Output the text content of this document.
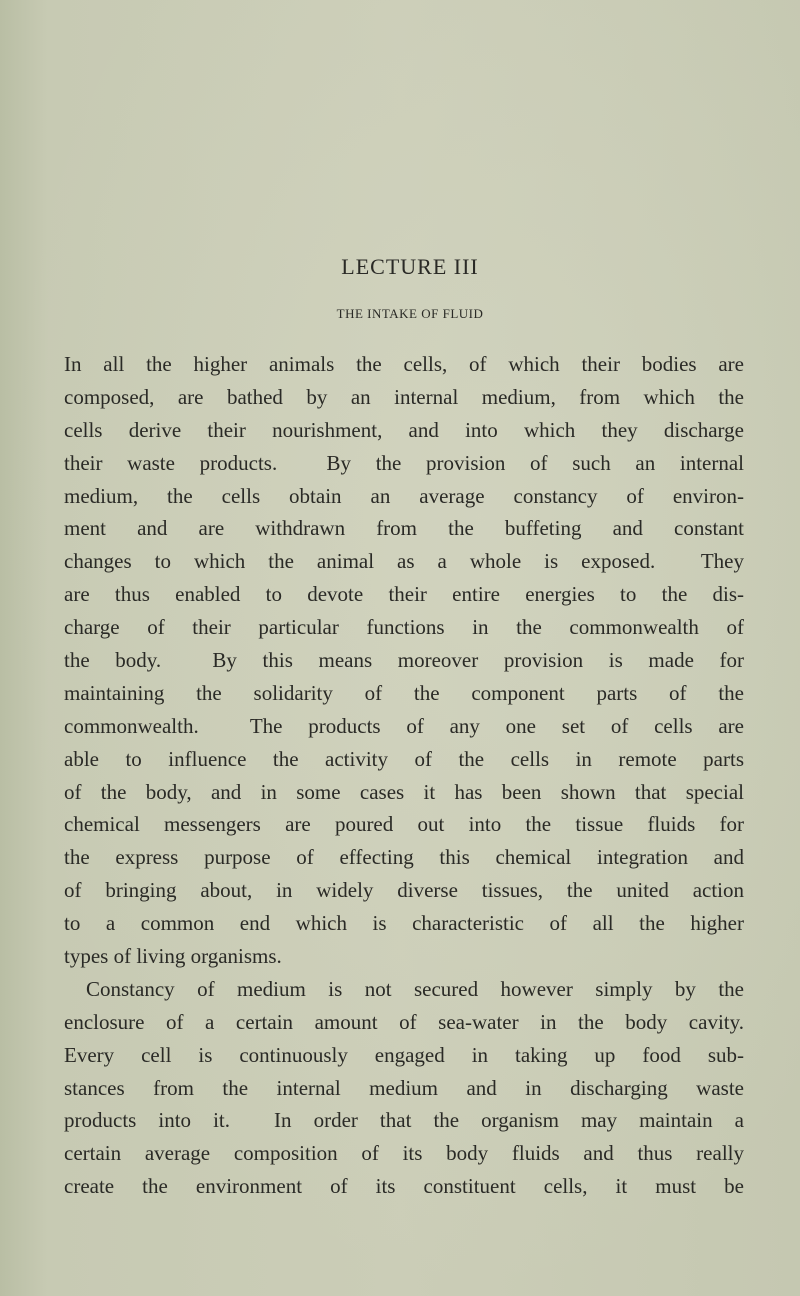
LECTURE III
THE INTAKE OF FLUID
In all the higher animals the cells, of which their bodies are
composed, are bathed by an internal medium, from which the
cells derive their nourishment, and into which they discharge
their waste products.  By the provision of such an internal
medium, the cells obtain an average constancy of environ-
ment and are withdrawn from the buffeting and constant
changes to which the animal as a whole is exposed.  They
are thus enabled to devote their entire energies to the dis-
charge of their particular functions in the commonwealth of
the body.  By this means moreover provision is made for
maintaining the solidarity of the component parts of the
commonwealth.  The products of any one set of cells are
able to influence the activity of the cells in remote parts
of the body, and in some cases it has been shown that special
chemical messengers are poured out into the tissue fluids for
the express purpose of effecting this chemical integration and
of bringing about, in widely diverse tissues, the united action
to a common end which is characteristic of all the higher
types of living organisms.
Constancy of medium is not secured however simply by the
enclosure of a certain amount of sea-water in the body cavity.
Every cell is continuously engaged in taking up food sub-
stances from the internal medium and in discharging waste
products into it.  In order that the organism may maintain a
certain average composition of its body fluids and thus really
create the environment of its constituent cells, it must be
